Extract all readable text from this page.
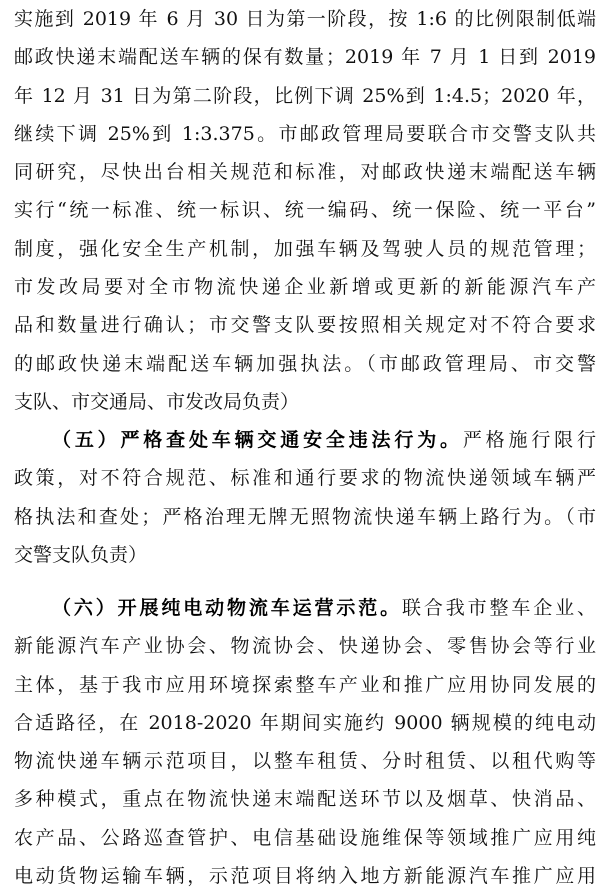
实施到 2019 年 6 月 30 日为第一阶段，按 1:6 的比例限制低端
邮政快递末端配送车辆的保有数量；2019 年 7 月 1 日到 2019
年 12 月 31 日为第二阶段，比例下调 25%到 1:4.5；2020 年，
继续下调 25%到 1:3.375。市邮政管理局要联合市交警支队共
同研究，尽快出台相关规范和标准，对邮政快递末端配送车辆
实行“统一标准、统一标识、统一编码、统一保险、统一平台”
制度，强化安全生产机制，加强车辆及驾驶人员的规范管理；
市发改局要对全市物流快递企业新增或更新的新能源汽车产
品和数量进行确认；市交警支队要按照相关规定对不符合要求
的邮政快递末端配送车辆加强执法。（市邮政管理局、市交警
支队、市交通局、市发改局负责）
（五）严格查处车辆交通安全违法行为。严格施行限行
政策，对不符合规范、标准和通行要求的物流快递领域车辆严
格执法和查处；严格治理无牌无照物流快递车辆上路行为。（市
交警支队负责）
（六）开展纯电动物流车运营示范。联合我市整车企业、
新能源汽车产业协会、物流协会、快递协会、零售协会等行业
主体，基于我市应用环境探索整车产业和推广应用协同发展的
合适路径，在 2018-2020 年期间实施约 9000 辆规模的纯电动
物流快递车辆示范项目，以整车租赁、分时租赁、以租代购等
多种模式，重点在物流快递末端配送环节以及烟草、快消品、
农产品、公路巡查管护、电信基础设施维保等领域推广应用纯
电动货物运输车辆，示范项目将纳入地方新能源汽车推广应用
